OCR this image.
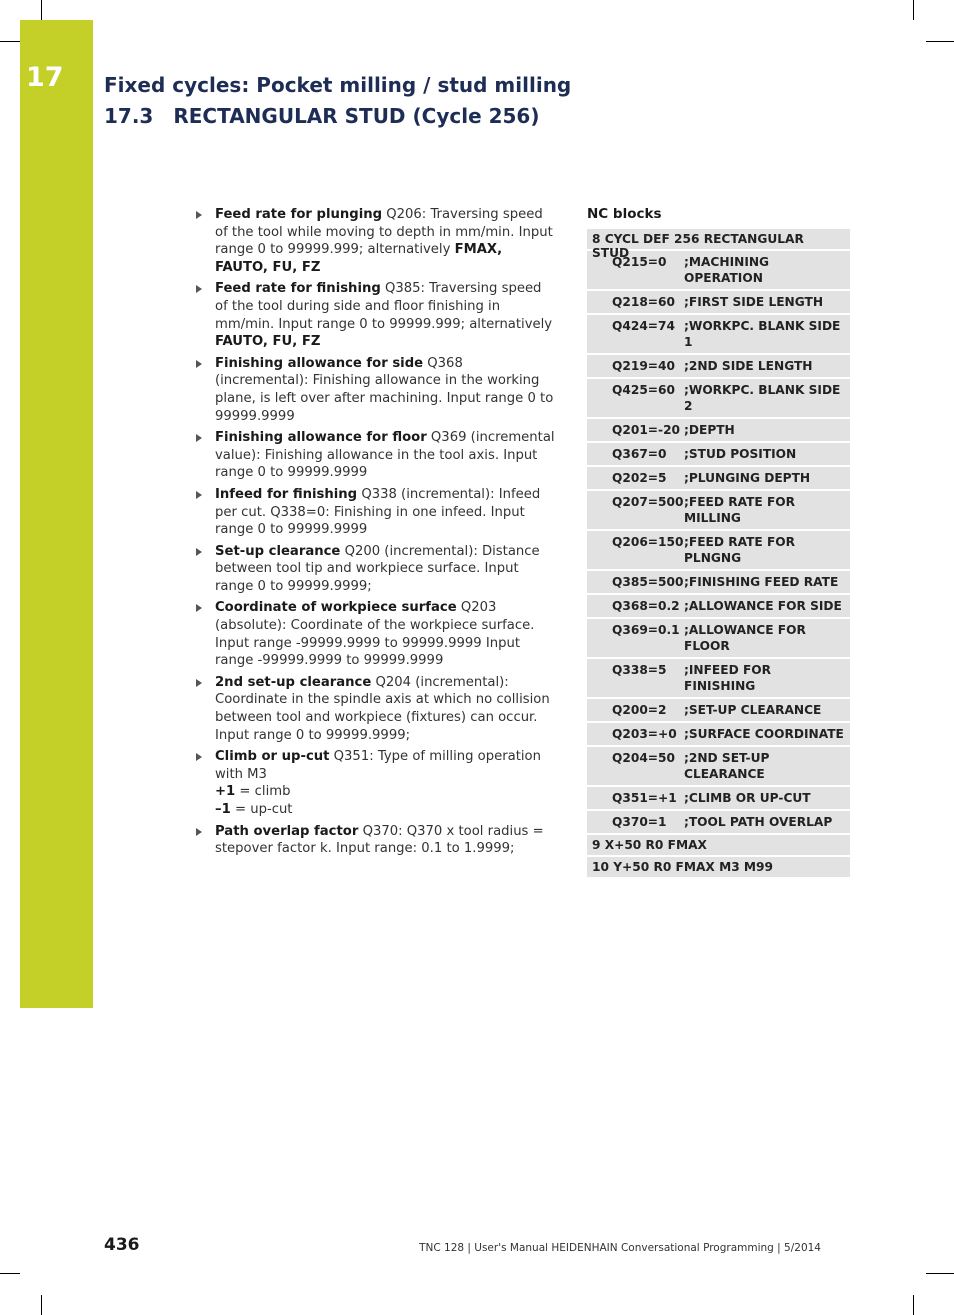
17 Fixed cycles: Pocket milling / stud milling
17.3 RECTANGULAR STUD (Cycle 256)
Feed rate for plunging Q206: Traversing speed of the tool while moving to depth in mm/min. Input range 0 to 99999.999; alternatively FMAX, FAUTO, FU, FZ
Feed rate for finishing Q385: Traversing speed of the tool during side and floor finishing in mm/min. Input range 0 to 99999.999; alternatively FAUTO, FU, FZ
Finishing allowance for side Q368 (incremental): Finishing allowance in the working plane, is left over after machining. Input range 0 to 99999.9999
Finishing allowance for floor Q369 (incremental value): Finishing allowance in the tool axis. Input range 0 to 99999.9999
Infeed for finishing Q338 (incremental): Infeed per cut. Q338=0: Finishing in one infeed. Input range 0 to 99999.9999
Set-up clearance Q200 (incremental): Distance between tool tip and workpiece surface. Input range 0 to 99999.9999;
Coordinate of workpiece surface Q203 (absolute): Coordinate of the workpiece surface. Input range -99999.9999 to 99999.9999 Input range -99999.9999 to 99999.9999
2nd set-up clearance Q204 (incremental): Coordinate in the spindle axis at which no collision between tool and workpiece (fixtures) can occur. Input range 0 to 99999.9999;
Climb or up-cut Q351: Type of milling operation with M3
+1 = climb
–1 = up-cut
Path overlap factor Q370: Q370 x tool radius = stepover factor k. Input range: 0.1 to 1.9999;
NC blocks
8 CYCL DEF 256 RECTANGULAR STUD
Q215=0	;MACHINING OPERATION
Q218=60 ;FIRST SIDE LENGTH
Q424=74 ;WORKPC. BLANK SIDE 1
Q219=40 ;2ND SIDE LENGTH
Q425=60 ;WORKPC. BLANK SIDE 2
Q201=-20 ;DEPTH
Q367=0	;STUD POSITION
Q202=5	;PLUNGING DEPTH
Q207=500 ;FEED RATE FOR MILLING
Q206=150 ;FEED RATE FOR PLNGNG
Q385=500 ;FINISHING FEED RATE
Q368=0.2 ;ALLOWANCE FOR SIDE
Q369=0.1 ;ALLOWANCE FOR FLOOR
Q338=5	;INFEED FOR FINISHING
Q200=2	;SET-UP CLEARANCE
Q203=+0 ;SURFACE COORDINATE
Q204=50 ;2ND SET-UP CLEARANCE
Q351=+1 ;CLIMB OR UP-CUT
Q370=1	;TOOL PATH OVERLAP
9 X+50 R0 FMAX
10 Y+50 R0 FMAX M3 M99
436	TNC 128 | User's Manual HEIDENHAIN Conversational Programming | 5/2014
